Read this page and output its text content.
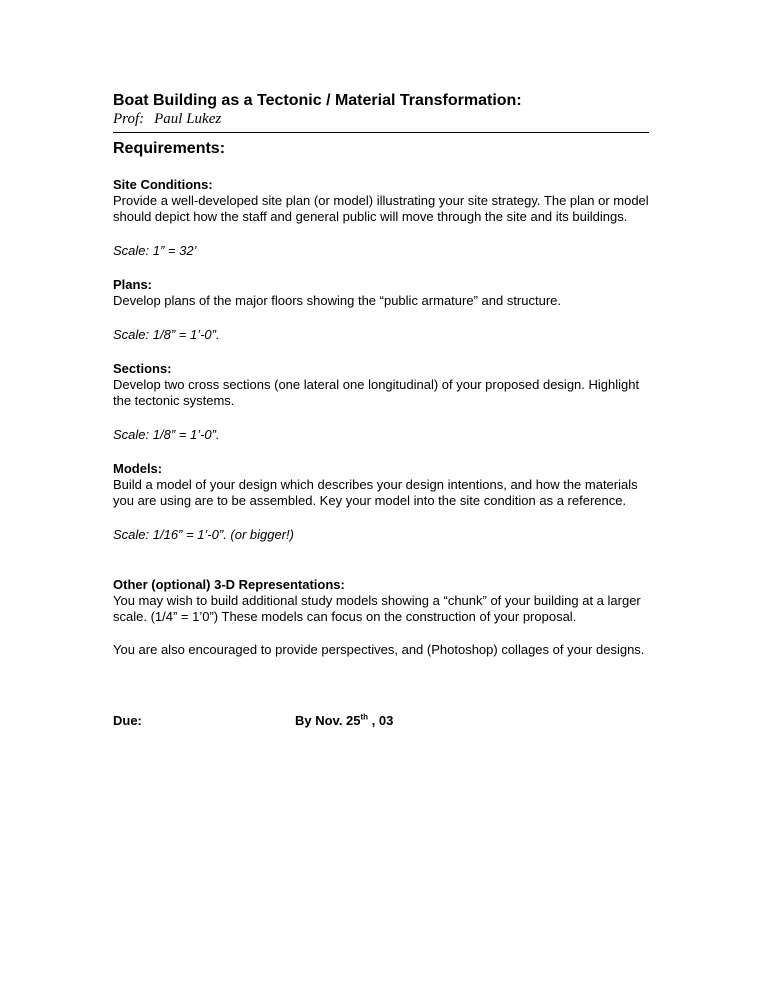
Boat Building as a Tectonic / Material Transformation:

Prof: Paul Lukez

Requirements:

Site Conditions:

Provide a well-developed site plan (or model) illustrating your site strategy. The plan or model should depict how the staff and general public will move through the site and its buildings.

Scale: 1” = 32’

Plans:

Develop plans of the major floors showing the “public armature” and structure.

Scale: 1/8” = 1’-0”.

Sections:

Develop two cross sections (one lateral one longitudinal) of your proposed design. Highlight the tectonic systems.

Scale: 1/8” = 1’-0”.

Models:

Build a model of your design which describes your design intentions, and how the materials you are using are to be assembled. Key your model into the site condition as a reference.

Scale: 1/16” = 1’-0”. (or bigger!)

Other (optional) 3-D Representations:

You may wish to build additional study models showing a “chunk” of your building at a larger scale. (1/4” = 1’0”) These models can focus on the construction of your proposal.

You are also encouraged to provide perspectives, and (Photoshop) collages of your designs.

Due:	By Nov. 25th , 03
